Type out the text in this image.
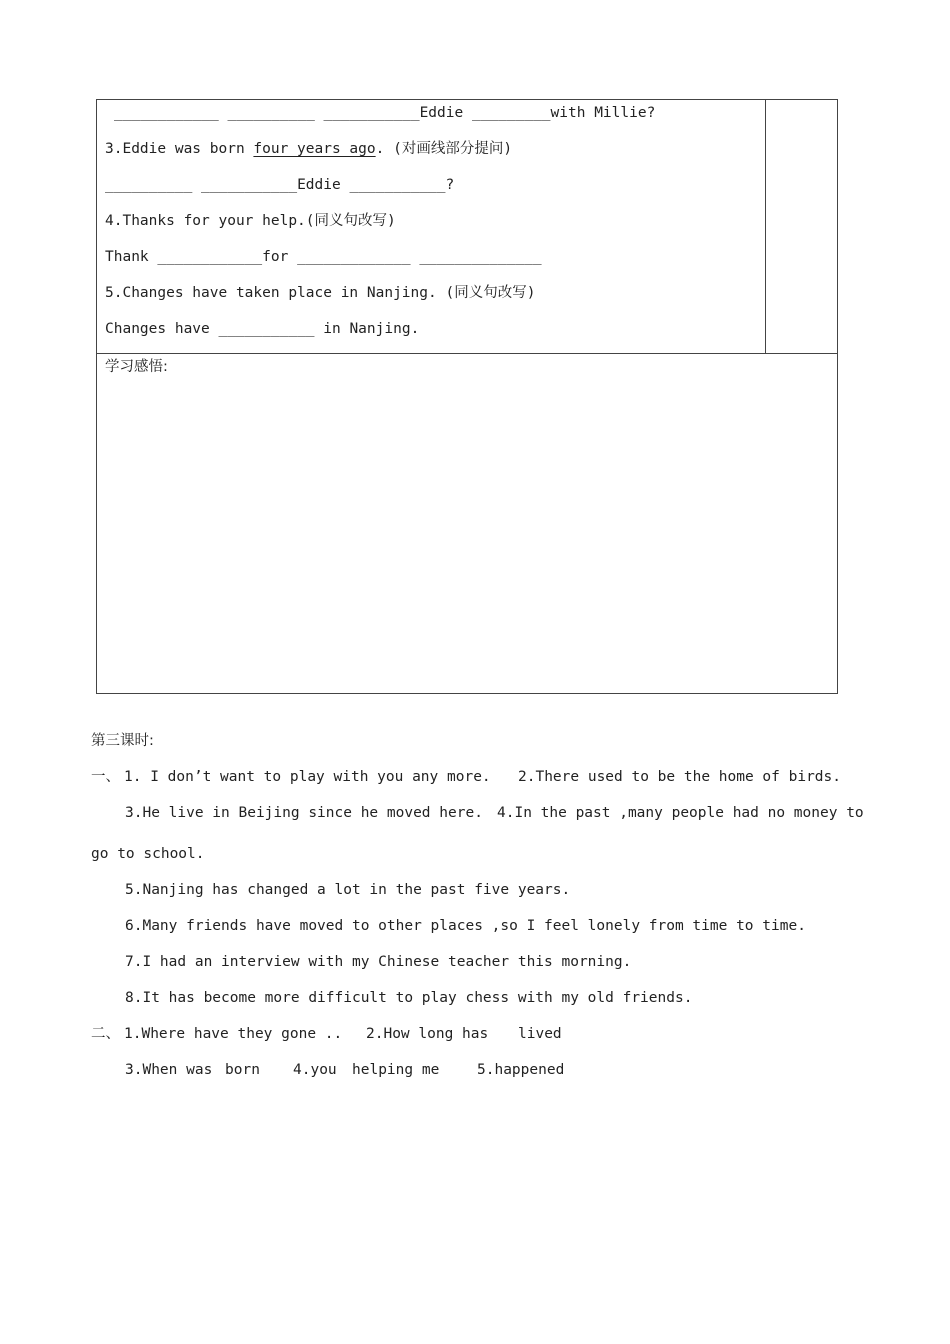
____________ __________ ___________Eddie _________with Millie?
3.Eddie was born four years ago. (对画线部分提问)
__________ ___________Eddie ___________?
4.Thanks for your help.(同义句改写)
Thank ____________for _____________ ______________
5.Changes have taken place in Nanjing. (同义句改写)
Changes have ___________ in Nanjing.
学习感悟:
第三课时:
一、 1. I don’t want to play with you any more. 2.There used to be the home of birds.
3.He live in Beijing since he moved here. 4.In the past ,many people had no money to
go to school.
5.Nanjing has changed a lot in the past five years.
6.Many friends have moved to other places ,so I feel lonely from time to time.
7.I had an interview with my Chinese teacher this morning.
8.It has become more difficult to play chess with my old friends.
二、 1.Where have they gone .. 2.How long has lived
3.When was born 4.you helping me	5.happened
